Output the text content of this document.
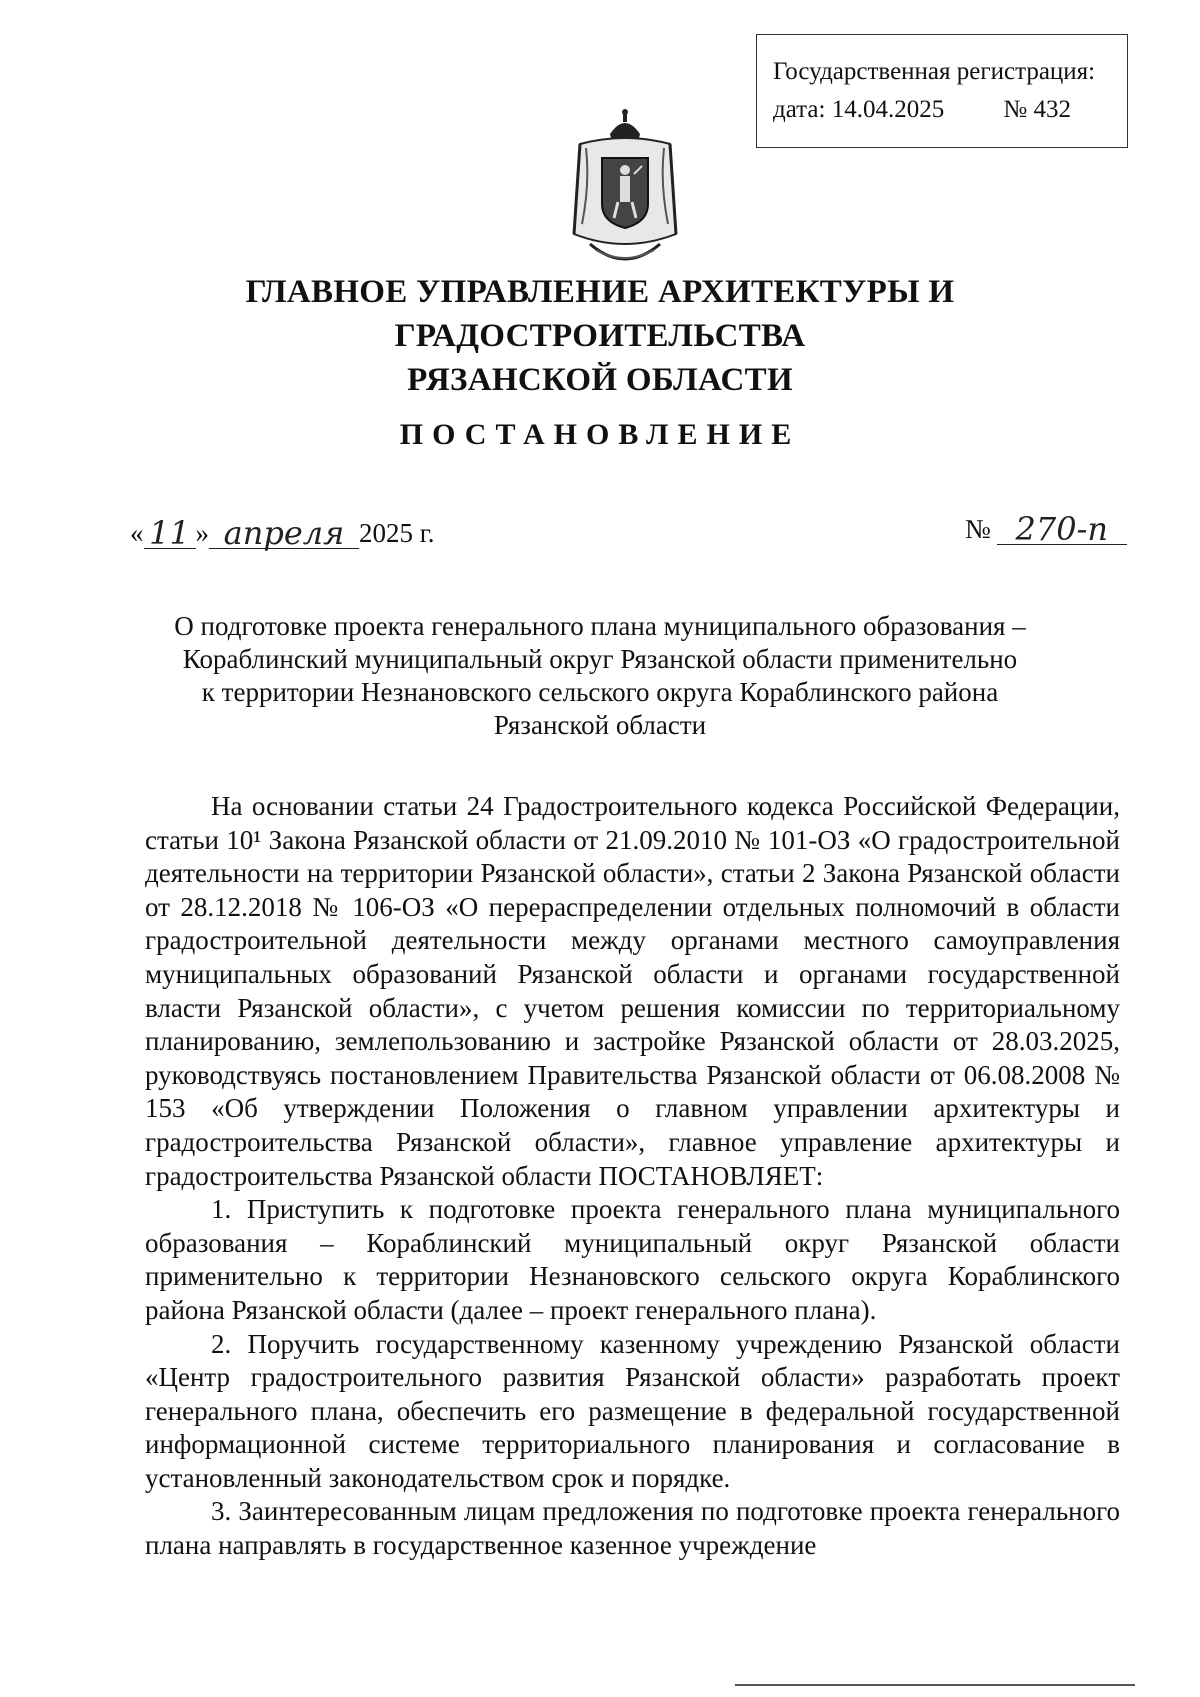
Государственная регистрация:
дата: 14.04.2025 № 432
ГЛАВНОЕ УПРАВЛЕНИЕ АРХИТЕКТУРЫ И ГРАДОСТРОИТЕЛЬСТВА
РЯЗАНСКОЙ ОБЛАСТИ
ПОСТАНОВЛЕНИЕ
« 11 » апреля 2025 г.	№ 270-п
О подготовке проекта генерального плана муниципального образования –
Кораблинский муниципальный округ Рязанской области применительно
к территории Незнановского сельского округа Кораблинского района
Рязанской области

На основании статьи 24 Градостроительного кодекса Российской Федерации, статьи 10¹ Закона Рязанской области от 21.09.2010 № 101-ОЗ «О градостроительной деятельности на территории Рязанской области», статьи 2 Закона Рязанской области от 28.12.2018 № 106-ОЗ «О перераспределении отдельных полномочий в области градостроительной деятельности между органами местного самоуправления муниципальных образований Рязанской области и органами государственной власти Рязанской области», с учетом решения комиссии по территориальному планированию, землепользованию и застройке Рязанской области от 28.03.2025, руководствуясь постановлением Правительства Рязанской области от 06.08.2008 № 153 «Об утверждении Положения о главном управлении архитектуры и градостроительства Рязанской области», главное управление архитектуры и градостроительства Рязанской области ПОСТАНОВЛЯЕТ:

1. Приступить к подготовке проекта генерального плана муниципального образования – Кораблинский муниципальный округ Рязанской области применительно к территории Незнановского сельского округа Кораблинского района Рязанской области (далее – проект генерального плана).

2. Поручить государственному казенному учреждению Рязанской области «Центр градостроительного развития Рязанской области» разработать проект генерального плана, обеспечить его размещение в федеральной государственной информационной системе территориального планирования и согласование в установленный законодательством срок и порядке.

3. Заинтересованным лицам предложения по подготовке проекта генерального плана направлять в государственное казенное учреждение
